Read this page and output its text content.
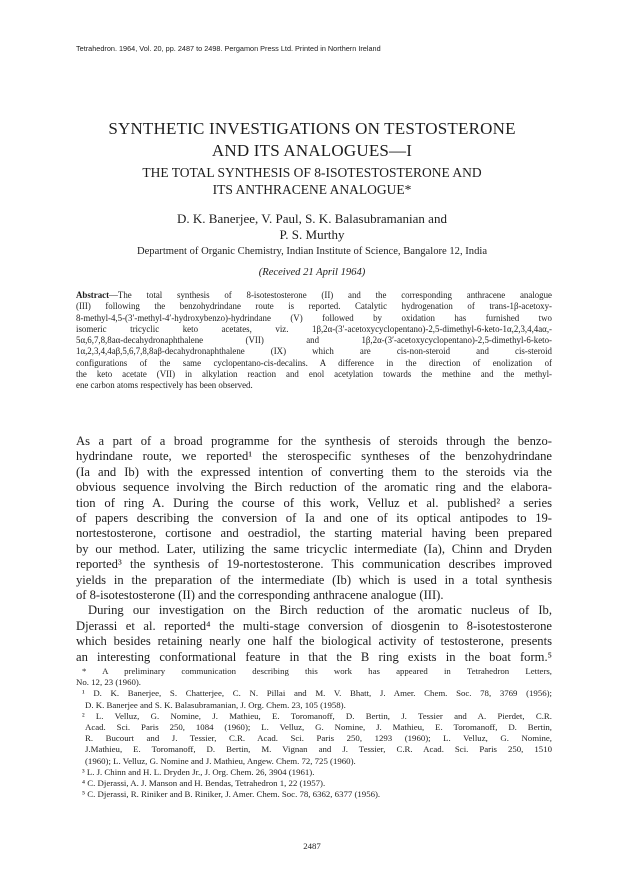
Tetrahedron. 1964, Vol. 20, pp. 2487 to 2498. Pergamon Press Ltd. Printed in Northern Ireland
SYNTHETIC INVESTIGATIONS ON TESTOSTERONE
AND ITS ANALOGUES—I
THE TOTAL SYNTHESIS OF 8-ISOTESTOSTERONE AND
ITS ANTHRACENE ANALOGUE*
D. K. Banerjee, V. Paul, S. K. Balasubramanian and
P. S. Murthy
Department of Organic Chemistry, Indian Institute of Science, Bangalore 12, India
(Received 21 April 1964)
Abstract—The total synthesis of 8-isotestosterone (II) and the corresponding anthracene analogue
(III) following the benzohydrindane route is reported. Catalytic hydrogenation of trans-1β-acetoxy-
8-methyl-4,5-(3′-methyl-4′-hydroxybenzo)-hydrindane (V) followed by oxidation has furnished two
isomeric tricyclic keto acetates, viz. 1β,2α-(3′-acetoxycyclopentano)-2,5-dimethyl-6-keto-1α,2,3,4,4aα,-
5α,6,7,8,8aα-decahydronaphthalene (VII) and 1β,2α-(3′-acetoxycyclopentano)-2,5-dimethyl-6-keto-
1α,2,3,4,4aβ,5,6,7,8,8aβ-decahydronaphthalene (IX) which are cis-non-steroid and cis-steroid
configurations of the same cyclopentano-cis-decalins. A difference in the direction of enolization of
the keto acetate (VII) in alkylation reaction and enol acetylation towards the methine and the methyl-
ene carbon atoms respectively has been observed.
As a part of a broad programme for the synthesis of steroids through the benzo-
hydrindane route, we reported¹ the sterospecific syntheses of the benzohydrindane
(Ia and Ib) with the expressed intention of converting them to the steroids via the
obvious sequence involving the Birch reduction of the aromatic ring and the elabora-
tion of ring A. During the course of this work, Velluz et al. published² a series
of papers describing the conversion of Ia and one of its optical antipodes to 19-
nortestosterone, cortisone and oestradiol, the starting material having been prepared
by our method. Later, utilizing the same tricyclic intermediate (Ia), Chinn and Dryden
reported³ the synthesis of 19-nortestosterone. This communication describes improved
yields in the preparation of the intermediate (Ib) which is used in a total synthesis
of 8-isotestosterone (II) and the corresponding anthracene analogue (III).
During our investigation on the Birch reduction of the aromatic nucleus of Ib,
Djerassi et al. reported⁴ the multi-stage conversion of diosgenin to 8-isotestosterone
which besides retaining nearly one half the biological activity of testosterone, presents
an interesting conformational feature in that the B ring exists in the boat form.⁵
* A preliminary communication describing this work has appeared in Tetrahedron Letters,
No. 12, 23 (1960).
¹ D. K. Banerjee, S. Chatterjee, C. N. Pillai and M. V. Bhatt, J. Amer. Chem. Soc. 78, 3769 (1956);
D. K. Banerjee and S. K. Balasubramanian, J. Org. Chem. 23, 105 (1958).
² L. Velluz, G. Nomine, J. Mathieu, E. Toromanoff, D. Bertin, J. Tessier and A. Pierdet, C.R.
Acad. Sci. Paris 250, 1084 (1960); L. Velluz, G. Nomine, J. Mathieu, E. Toromanoff, D. Bertin,
R. Bucourt and J. Tessier, C.R. Acad. Sci. Paris 250, 1293 (1960); L. Velluz, G. Nomine,
J.Mathieu, E. Toromanoff, D. Bertin, M. Vignan and J. Tessier, C.R. Acad. Sci. Paris 250, 1510
(1960); L. Velluz, G. Nomine and J. Mathieu, Angew. Chem. 72, 725 (1960).
³ L. J. Chinn and H. L. Dryden Jr., J. Org. Chem. 26, 3904 (1961).
⁴ C. Djerassi, A. J. Manson and H. Bendas, Tetrahedron 1, 22 (1957).
⁵ C. Djerassi, R. Riniker and B. Riniker, J. Amer. Chem. Soc. 78, 6362, 6377 (1956).
2487
